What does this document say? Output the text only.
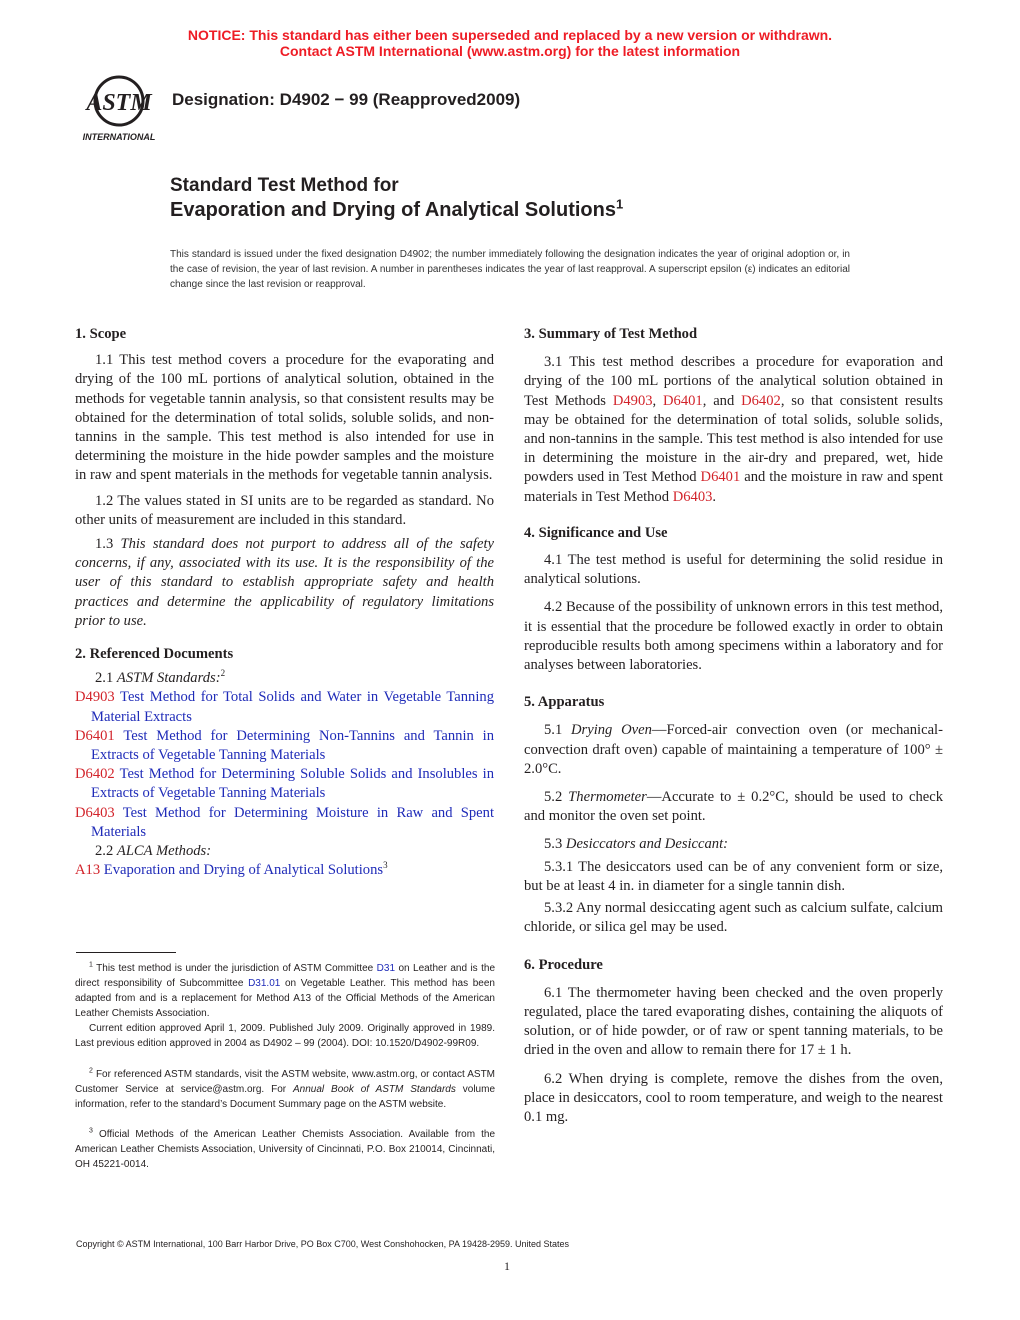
NOTICE: This standard has either been superseded and replaced by a new version or withdrawn.
Contact ASTM International (www.astm.org) for the latest information
ASTM
INTERNATIONAL
Designation: D4902 − 99 (Reapproved2009)
Standard Test Method for
Evaporation and Drying of Analytical Solutions$^1$
This standard is issued under the fixed designation D4902; the number immediately following the designation indicates the year of original adoption or, in the case of revision, the year of last revision. A number in parentheses indicates the year of last reapproval. A superscript epsilon (ε) indicates an editorial change since the last revision or reapproval.
1. Scope
1.1 This test method covers a procedure for the evaporating and drying of the 100 mL portions of analytical solution, obtained in the methods for vegetable tannin analysis, so that consistent results may be obtained for the determination of total solids, soluble solids, and non-tannins in the sample. This test method is also intended for use in determining the moisture in the hide powder samples and the moisture in raw and spent materials in the methods for vegetable tannin analysis.
1.2 The values stated in SI units are to be regarded as standard. No other units of measurement are included in this standard.
1.3 This standard does not purport to address all of the safety concerns, if any, associated with its use. It is the responsibility of the user of this standard to establish appropriate safety and health practices and determine the applicability of regulatory limitations prior to use.
2. Referenced Documents
2.1 ASTM Standards:$^2$
D4903 Test Method for Total Solids and Water in Vegetable Tanning Material Extracts
D6401 Test Method for Determining Non-Tannins and Tannin in Extracts of Vegetable Tanning Materials
D6402 Test Method for Determining Soluble Solids and Insolubles in Extracts of Vegetable Tanning Materials
D6403 Test Method for Determining Moisture in Raw and Spent Materials
2.2 ALCA Methods:
A13 Evaporation and Drying of Analytical Solutions$^3$
$^1$ This test method is under the jurisdiction of ASTM Committee D31 on Leather and is the direct responsibility of Subcommittee D31.01 on Vegetable Leather. This method has been adapted from and is a replacement for Method A13 of the Official Methods of the American Leather Chemists Association.
Current edition approved April 1, 2009. Published July 2009. Originally approved in 1989. Last previous edition approved in 2004 as D4902 – 99 (2004). DOI: 10.1520/D4902-99R09.
$^2$ For referenced ASTM standards, visit the ASTM website, www.astm.org, or contact ASTM Customer Service at service@astm.org. For Annual Book of ASTM Standards volume information, refer to the standard’s Document Summary page on the ASTM website.
$^3$ Official Methods of the American Leather Chemists Association. Available from the American Leather Chemists Association, University of Cincinnati, P.O. Box 210014, Cincinnati, OH 45221-0014.
3. Summary of Test Method
3.1 This test method describes a procedure for evaporation and drying of the 100 mL portions of the analytical solution obtained in Test Methods D4903, D6401, and D6402, so that consistent results may be obtained for the determination of total solids, soluble solids, and non-tannins in the sample. This test method is also intended for use in determining the moisture in the air-dry and prepared, wet, hide powders used in Test Method D6401 and the moisture in raw and spent materials in Test Method D6403.
4. Significance and Use
4.1 The test method is useful for determining the solid residue in analytical solutions.
4.2 Because of the possibility of unknown errors in this test method, it is essential that the procedure be followed exactly in order to obtain reproducible results both among specimens within a laboratory and for analyses between laboratories.
5. Apparatus
5.1 Drying Oven—Forced-air convection oven (or mechanical-convection draft oven) capable of maintaining a temperature of 100° ± 2.0°C.
5.2 Thermometer—Accurate to ± 0.2°C, should be used to check and monitor the oven set point.
5.3 Desiccators and Desiccant:
5.3.1 The desiccators used can be of any convenient form or size, but be at least 4 in. in diameter for a single tannin dish.
5.3.2 Any normal desiccating agent such as calcium sulfate, calcium chloride, or silica gel may be used.
6. Procedure
6.1 The thermometer having been checked and the oven properly regulated, place the tared evaporating dishes, containing the aliquots of solution, or of hide powder, or of raw or spent tanning materials, to be dried in the oven and allow to remain there for 17 ± 1 h.
6.2 When drying is complete, remove the dishes from the oven, place in desiccators, cool to room temperature, and weigh to the nearest 0.1 mg.
Copyright © ASTM International, 100 Barr Harbor Drive, PO Box C700, West Conshohocken, PA 19428-2959. United States
1
